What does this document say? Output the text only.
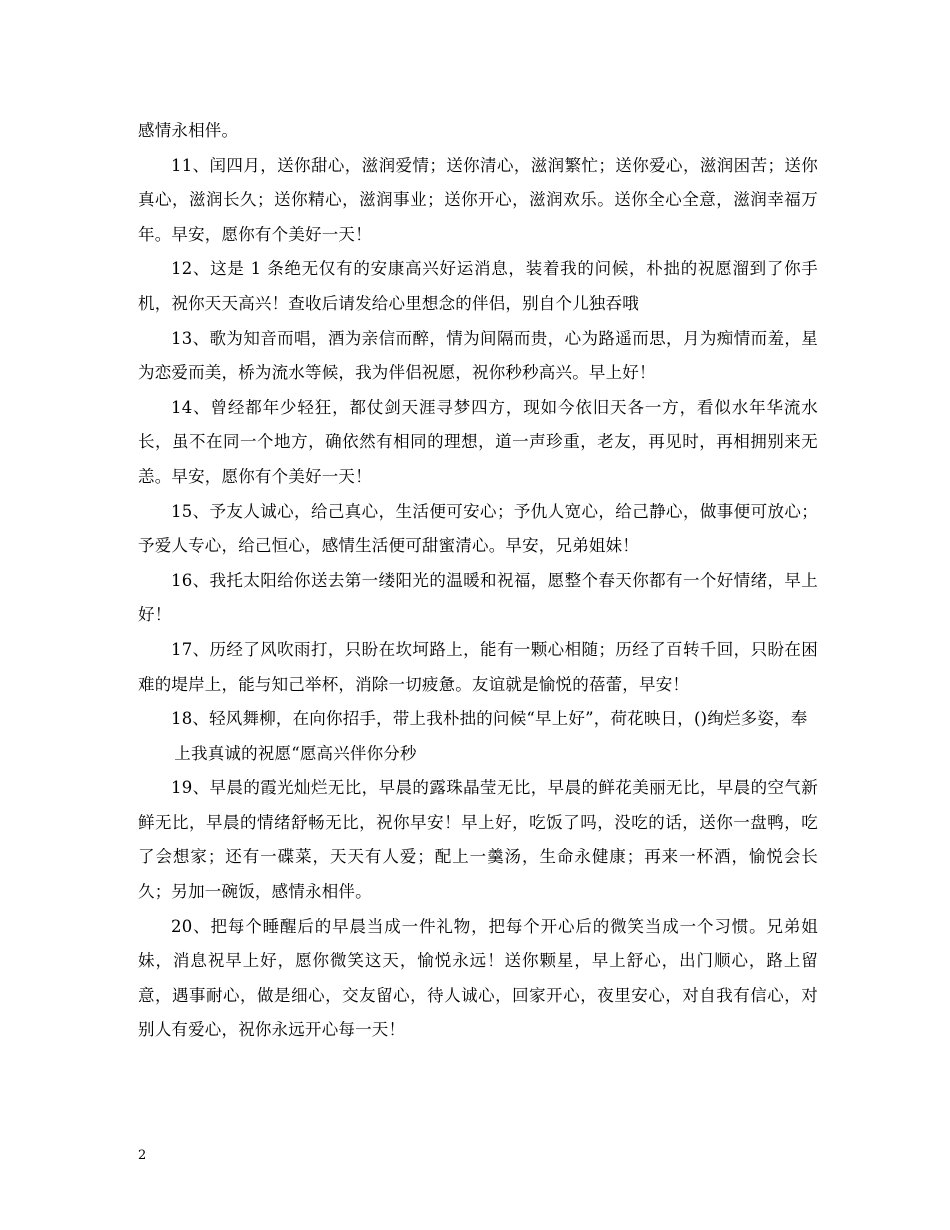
感情永相伴。

11、闰四月，送你甜心，滋润爱情；送你清心，滋润繁忙；送你爱心，滋润困苦；送你真心，滋润长久；送你精心，滋润事业；送你开心，滋润欢乐。送你全心全意，滋润幸福万年。早安，愿你有个美好一天！

12、这是 1 条绝无仅有的安康高兴好运消息，装着我的问候，朴拙的祝愿溜到了你手机，祝你天天高兴！查收后请发给心里想念的伴侣，别自个儿独吞哦

13、歌为知音而唱，酒为亲信而醉，情为间隔而贵，心为路遥而思，月为痴情而羞，星为恋爱而美，桥为流水等候，我为伴侣祝愿，祝你秒秒高兴。早上好！

14、曾经都年少轻狂，都仗剑天涯寻梦四方，现如今依旧天各一方，看似水年华流水长，虽不在同一个地方，确依然有相同的理想，道一声珍重，老友，再见时，再相拥别来无恙。早安，愿你有个美好一天！

15、予友人诚心，给己真心，生活便可安心；予仇人宽心，给己静心，做事便可放心；予爱人专心，给己恒心，感情生活便可甜蜜清心。早安，兄弟姐妹！

16、我托太阳给你送去第一缕阳光的温暖和祝福，愿整个春天你都有一个好情绪，早上好！

17、历经了风吹雨打，只盼在坎坷路上，能有一颗心相随；历经了百转千回，只盼在困难的堤岸上，能与知己举杯，消除一切疲惫。友谊就是愉悦的蓓蕾，早安！

18、轻风舞柳，在向你招手，带上我朴拙的问候“早上好”，荷花映日，()绚烂多姿，奉

上我真诚的祝愿“愿高兴伴你分秒

19、早晨的霞光灿烂无比，早晨的露珠晶莹无比，早晨的鲜花美丽无比，早晨的空气新鲜无比，早晨的情绪舒畅无比，祝你早安！早上好，吃饭了吗，没吃的话，送你一盘鸭，吃了会想家；还有一碟菜，天天有人爱；配上一羹汤，生命永健康；再来一杯酒，愉悦会长久；另加一碗饭，感情永相伴。

20、把每个睡醒后的早晨当成一件礼物，把每个开心后的微笑当成一个习惯。兄弟姐妹，消息祝早上好，愿你微笑这天，愉悦永远！送你颗星，早上舒心，出门顺心，路上留意，遇事耐心，做是细心，交友留心，待人诚心，回家开心，夜里安心，对自我有信心，对别人有爱心，祝你永远开心每一天！

2
